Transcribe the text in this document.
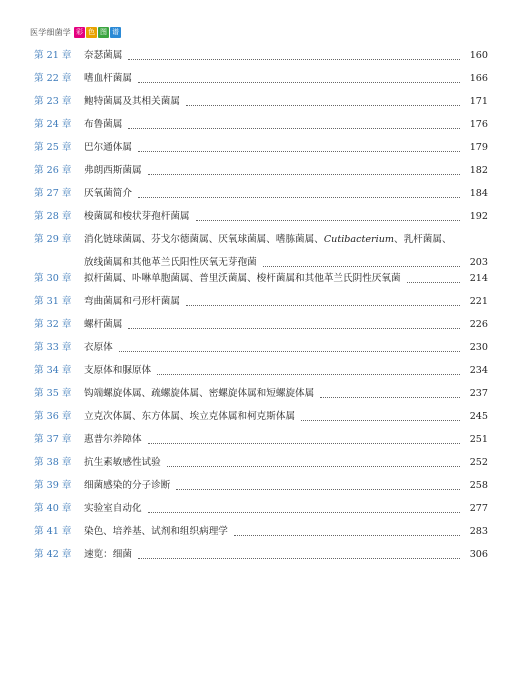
医学细菌学 彩 色 图 谱
第 21 章	奈瑟菌属	160
第 22 章	嗜血杆菌属	166
第 23 章	鲍特菌属及其相关菌属	171
第 24 章	布鲁菌属	176
第 25 章	巴尔通体属	179
第 26 章	弗朗西斯菌属	182
第 27 章	厌氧菌简介	184
第 28 章	梭菌属和梭状芽孢杆菌属	192
第 29 章	消化链球菌属、芬戈尔德菌属、厌氧球菌属、嗜胨菌属、Cutibacterium、乳杆菌属、
放线菌属和其他革兰氏阳性厌氧无芽孢菌	203
第 30 章	拟杆菌属、卟啉单胞菌属、普里沃菌属、梭杆菌属和其他革兰氏阴性厌氧菌	214
第 31 章	弯曲菌属和弓形杆菌属	221
第 32 章	螺杆菌属	226
第 33 章	衣原体	230
第 34 章	支原体和脲原体	234
第 35 章	钩端螺旋体属、疏螺旋体属、密螺旋体属和短螺旋体属	237
第 36 章	立克次体属、东方体属、埃立克体属和柯克斯体属	245
第 37 章	惠普尔养障体	251
第 38 章	抗生素敏感性试验	252
第 39 章	细菌感染的分子诊断	258
第 40 章	实验室自动化	277
第 41 章	染色、培养基、试剂和组织病理学	283
第 42 章	速览：细菌	306
